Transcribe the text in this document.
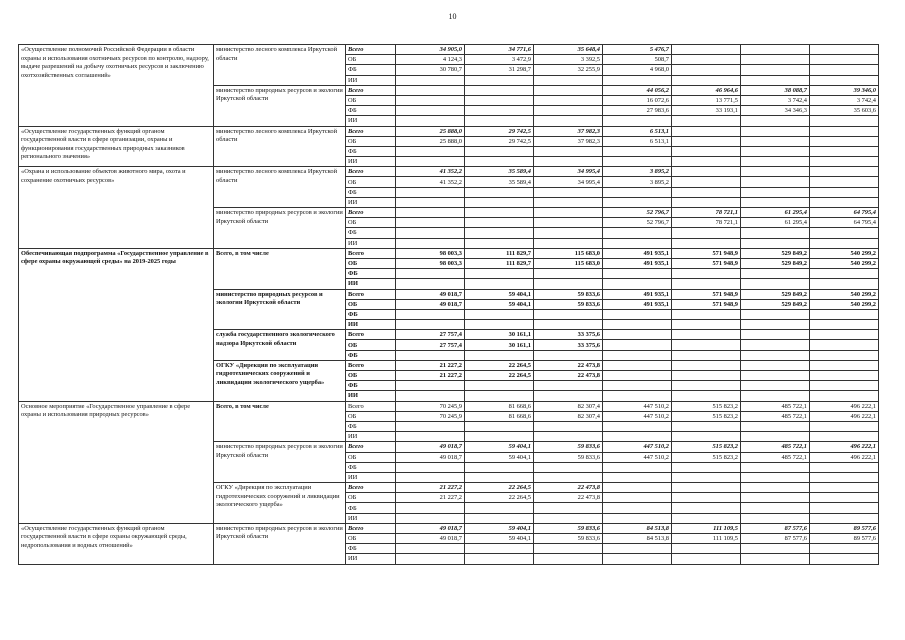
10
«Осуществление полномочий Российской Федерации в области охраны и использования охотничьих ресурсов по контролю, надзору, выдаче разрешений на добычу охотничьих ресурсов и заключению охотхозяйственных соглашений»	министерство лесного комплекса Иркутской области	Всего	34 905,0	34 771,6	35 648,4	5 476,7			
		ОБ	4 124,3	3 472,9	3 392,5	508,7			
		ФБ	30 780,7	31 298,7	32 255,9	4 968,0			
		ИИ							
	министерство природных ресурсов и экологии Иркутской области	Всего				44 056,2	46 964,6	38 088,7	39 346,0
		ОБ				16 072,6	13 771,5	3 742,4	3 742,4
		ФБ				27 983,6	33 193,1	34 346,3	35 603,6
		ИИ							
«Осуществление государственных функций органом государственной власти в сфере организации, охраны и функционирования государственных природных заказников регионального значения»	министерство лесного комплекса Иркутской области	Всего	25 888,0	29 742,5	37 982,3	6 513,1			
		ОБ	25 888,0	29 742,5	37 982,3	6 513,1			
		ФБ							
		ИИ							
«Охрана и использование объектов животного мира, охота и сохранение охотничьих ресурсов»	министерство лесного комплекса Иркутской области	Всего	41 352,2	35 589,4	34 995,4	3 895,2			
		ОБ	41 352,2	35 589,4	34 995,4	3 895,2			
		ФБ							
		ИИ							
	министерство природных ресурсов и экологии Иркутской области	Всего				52 796,7	78 721,1	61 295,4	64 795,4
		ОБ				52 796,7	78 721,1	61 295,4	64 795,4
		ФБ							
		ИИ							
Обеспечивающая подпрограмма «Государственное управление в сфере охраны окружающей среды» на 2019-2025 годы	Всего, в том числе	Всего	98 003,3	111 829,7	115 683,0	491 935,1	571 948,9	529 849,2	540 299,2
		ОБ	98 003,3	111 829,7	115 683,0	491 935,1	571 948,9	529 849,2	540 299,2
		ФБ							
		ИИ							
	министерство природных ресурсов и экологии Иркутской области	Всего	49 018,7	59 404,1	59 833,6	491 935,1	571 948,9	529 849,2	540 299,2
		ОБ	49 018,7	59 404,1	59 833,6	491 935,1	571 948,9	529 849,2	540 299,2
		ФБ							
		ИИ							
	служба государственного экологического надзора Иркутской области	Всего	27 757,4	30 161,1	33 375,6				
		ОБ	27 757,4	30 161,1	33 375,6				
		ФБ							
	ОГКУ «Дирекция по эксплуатации гидротехнических сооружений и ликвидации экологического ущерба»	Всего	21 227,2	22 264,5	22 473,8				
		ОБ	21 227,2	22 264,5	22 473,8				
		ФБ							
		ИИ							
Основное мероприятие «Государственное управление в сфере охраны и использования природных ресурсов»	Всего, в том числе	Всего	70 245,9	81 668,6	82 307,4	447 510,2	515 823,2	485 722,1	496 222,1
		ОБ	70 245,9	81 668,6	82 307,4	447 510,2	515 823,2	485 722,1	496 222,1
		ФБ							
		ИИ							
	министерство природных ресурсов и экологии Иркутской области	Всего	49 018,7	59 404,1	59 833,6	447 510,2	515 823,2	485 722,1	496 222,1
		ОБ	49 018,7	59 404,1	59 833,6	447 510,2	515 823,2	485 722,1	496 222,1
		ФБ							
		ИИ							
	ОГКУ «Дирекция по эксплуатации гидротехнических сооружений и ликвидации экологического ущерба»	Всего	21 227,2	22 264,5	22 473,8				
		ОБ	21 227,2	22 264,5	22 473,8				
		ФБ							
		ИИ							
«Осуществление государственных функций органом государственной власти в сфере охраны окружающей среды, недропользования и водных отношений»	министерство природных ресурсов и экологии Иркутской области	Всего	49 018,7	59 404,1	59 833,6	84 513,8	111 109,5	87 577,6	89 577,6
		ОБ	49 018,7	59 404,1	59 833,6	84 513,8	111 109,5	87 577,6	89 577,6
		ФБ							
		ИИ							
